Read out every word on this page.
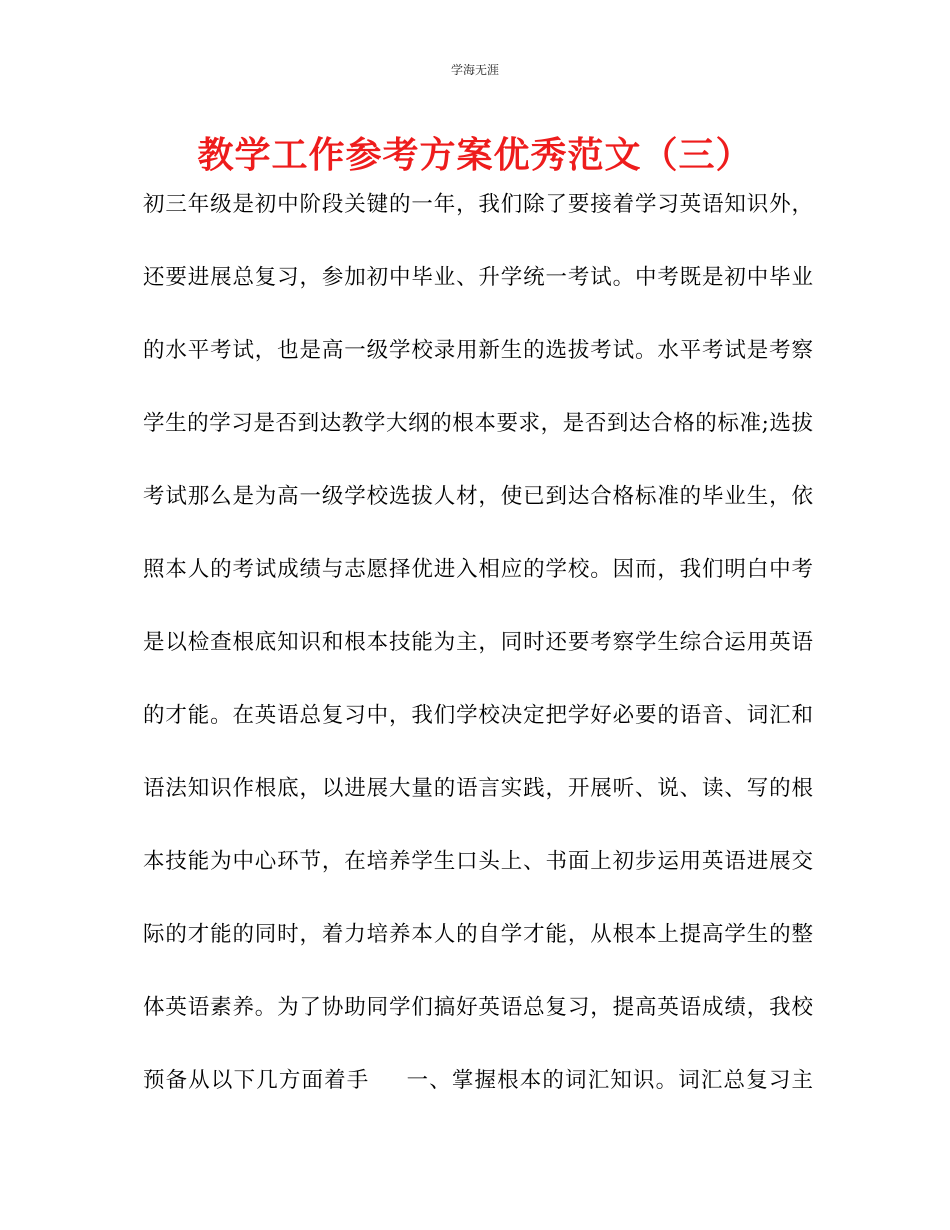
学海无涯
教学工作参考方案优秀范文（三）
初三年级是初中阶段关键的一年，我们除了要接着学习英语知识外，
还要进展总复习，参加初中毕业、升学统一考试。中考既是初中毕业
的水平考试，也是高一级学校录用新生的选拔考试。水平考试是考察
学生的学习是否到达教学大纲的根本要求，是否到达合格的标准;选拔
考试那么是为高一级学校选拔人材，使已到达合格标准的毕业生，依
照本人的考试成绩与志愿择优进入相应的学校。因而，我们明白中考
是以检查根底知识和根本技能为主，同时还要考察学生综合运用英语
的才能。在英语总复习中，我们学校决定把学好必要的语音、词汇和
语法知识作根底，以进展大量的语言实践，开展听、说、读、写的根
本技能为中心环节，在培养学生口头上、书面上初步运用英语进展交
际的才能的同时，着力培养本人的自学才能，从根本上提高学生的整
体英语素养。为了协助同学们搞好英语总复习，提高英语成绩，我校
预备从以下几方面着手 一、掌握根本的词汇知识。词汇总复习主
